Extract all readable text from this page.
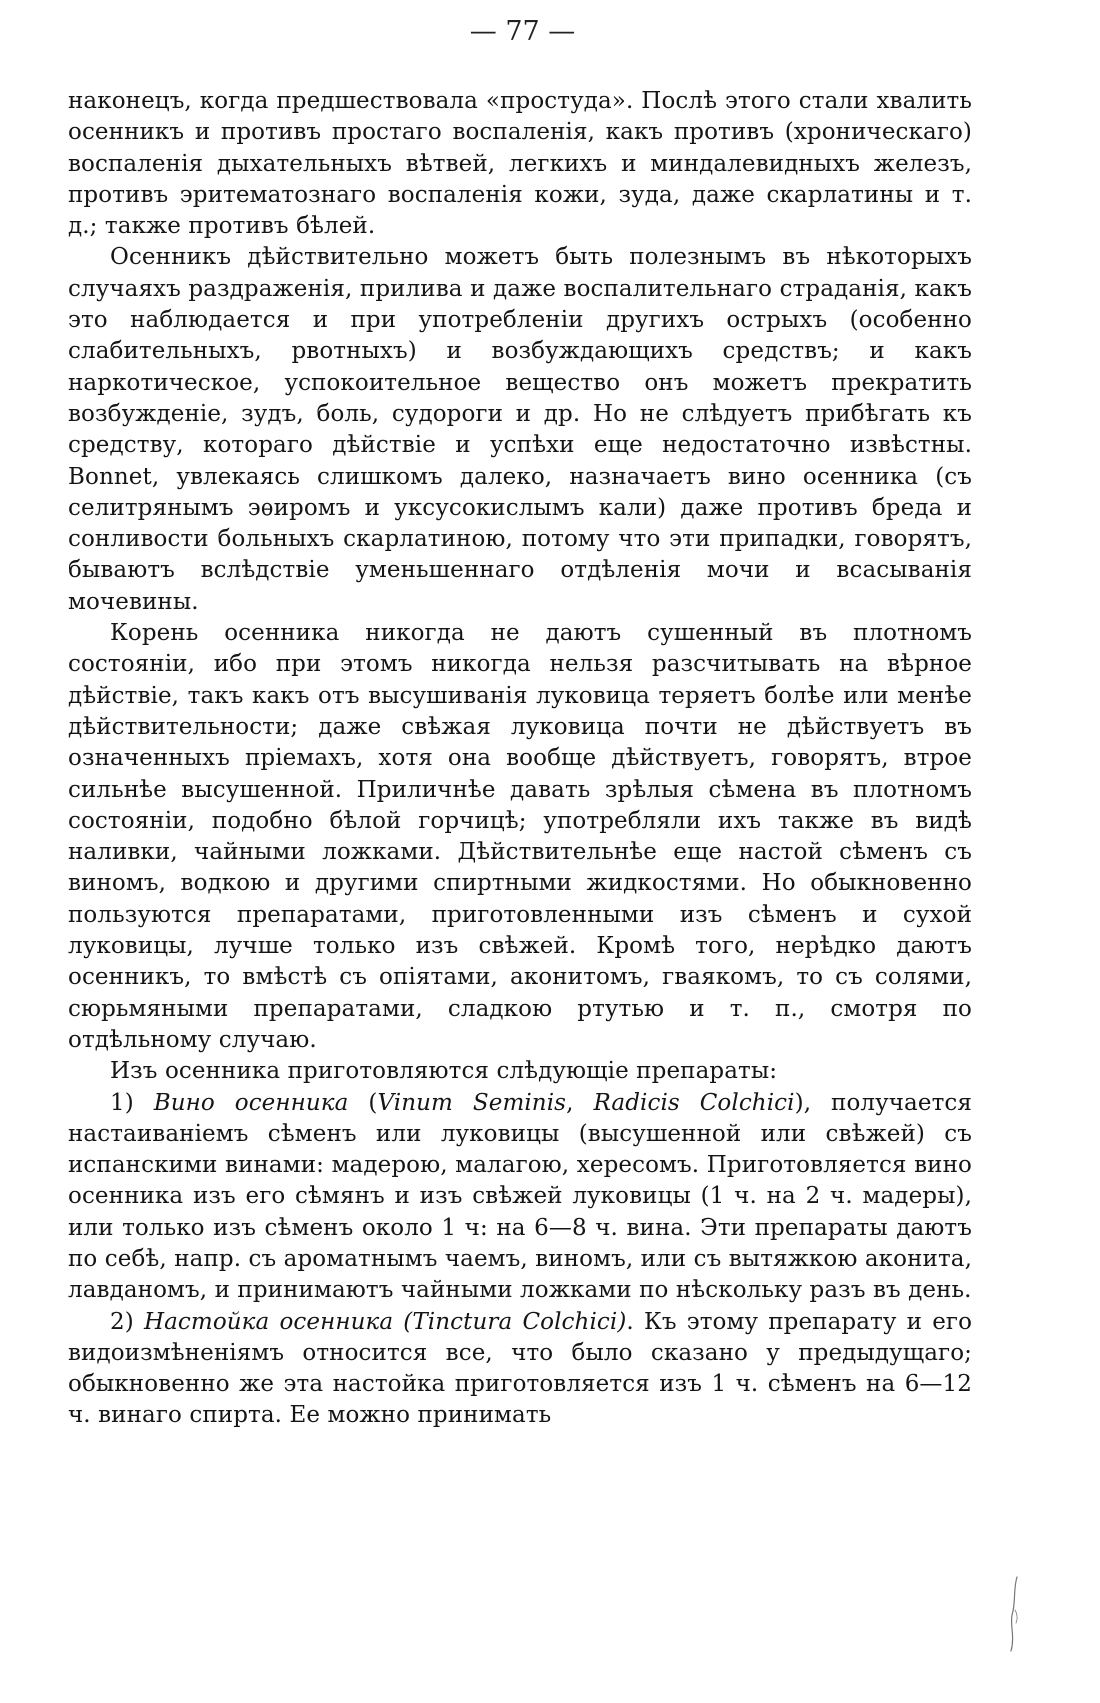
— 77 —

наконецъ, когда предшествовала «простуда». Послѣ этого стали хвалить осенникъ и противъ простаго воспаленія, какъ противъ (хроническаго) воспаленія дыхательныхъ вѣтвей, легкихъ и миндалевидныхъ железъ, противъ эритематознаго воспаленія кожи, зуда, даже скарлатины и т. д.; также противъ бѣлей.

Осенникъ дѣйствительно можетъ быть полезнымъ въ нѣкоторыхъ случаяхъ раздраженія, прилива и даже воспалительнаго страданія, какъ это наблюдается и при употребленіи другихъ острыхъ (особенно слабительныхъ, рвотныхъ) и возбуждающихъ средствъ; и какъ наркотическое, успокоительное вещество онъ можетъ прекратить возбужденіе, зудъ, боль, судороги и др. Но не слѣдуетъ прибѣгать къ средству, котораго дѣйствіе и успѣхи еще недостаточно извѣстны. Bonnet, увлекаясь слишкомъ далеко, назначаетъ вино осенника (съ селитрянымъ эѳиромъ и уксусокислымъ кали) даже противъ бреда и сонливости больныхъ скарлатиною, потому что эти припадки, говорятъ, бываютъ вслѣдствіе уменьшеннаго отдѣленія мочи и всасыванія мочевины.

Корень осенника никогда не даютъ сушенный въ плотномъ состояніи, ибо при этомъ никогда нельзя разсчитывать на вѣрное дѣйствіе, такъ какъ отъ высушиванія луковица теряетъ болѣе или менѣе дѣйствительности; даже свѣжая луковица почти не дѣйствуетъ въ означенныхъ пріемахъ, хотя она вообще дѣйствуетъ, говорятъ, втрое сильнѣе высушенной. Приличнѣе давать зрѣлыя сѣмена въ плотномъ состояніи, подобно бѣлой горчицѣ; употребляли ихъ также въ видѣ наливки, чайными ложками. Дѣйствительнѣе еще настой сѣменъ съ виномъ, водкою и другими спиртными жидкостями. Но обыкновенно пользуются препаратами, приготовленными изъ сѣменъ и сухой луковицы, лучше только изъ свѣжей. Кромѣ того, нерѣдко даютъ осенникъ, то вмѣстѣ съ опіятами, аконитомъ, гваякомъ, то съ солями, сюрьмяными препаратами, сладкою ртутью и т. п., смотря по отдѣльному случаю.

Изъ осенника приготовляются слѣдующіе препараты:

1) Вино осенника (Vinum Seminis, Radicis Colchici), получается настаиваніемъ сѣменъ или луковицы (высушенной или свѣжей) съ испанскими винами: мадерою, малагою, хересомъ. Приготовляется вино осенника изъ его сѣмянъ и изъ свѣжей луковицы (1 ч. на 2 ч. мадеры), или только изъ сѣменъ около 1 ч: на 6—8 ч. вина. Эти препараты даютъ по себѣ, напр. съ ароматнымъ чаемъ, виномъ, или съ вытяжкою аконита, лавданомъ, и принимаютъ чайными ложками по нѣскольку разъ въ день.

2) Настойка осенника (Tinctura Colchici). Къ этому препарату и его видоизмѣненіямъ относится все, что было сказано у предыдущаго; обыкновенно же эта настойка приготовляется изъ 1 ч. сѣменъ на 6—12 ч. винаго спирта. Ее можно принимать
